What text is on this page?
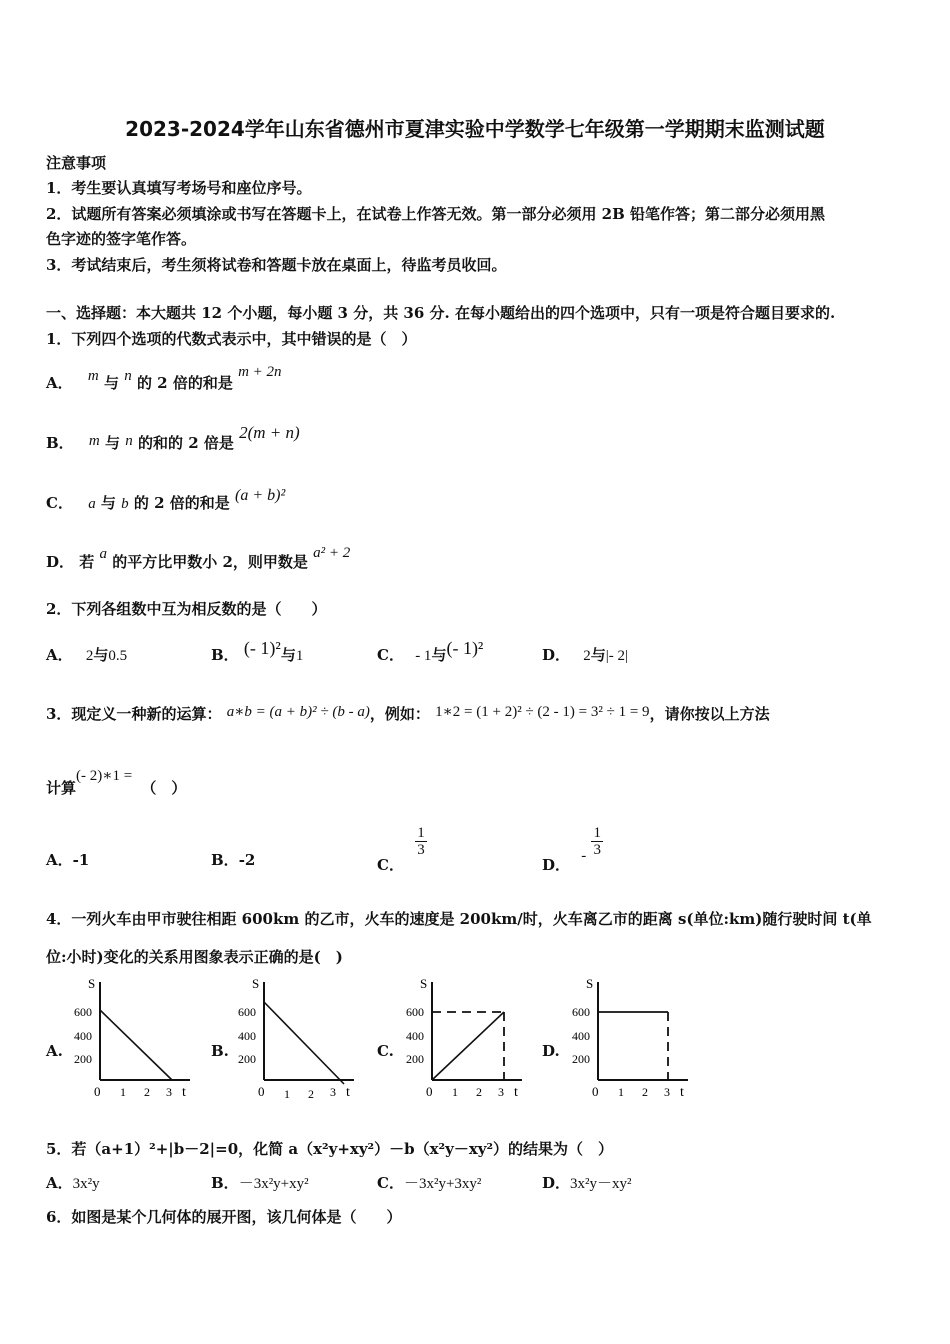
2023-2024学年山东省德州市夏津实验中学数学七年级第一学期期末监测试题
注意事项
1．考生要认真填写考场号和座位序号。
2．试题所有答案必须填涂或书写在答题卡上，在试卷上作答无效。第一部分必须用 2B 铅笔作答；第二部分必须用黑
色字迹的签字笔作答。
3．考试结束后，考生须将试卷和答题卡放在桌面上，待监考员收回。
一、选择题：本大题共 12 个小题，每小题 3 分，共 36 分. 在每小题给出的四个选项中，只有一项是符合题目要求的.
1．下列四个选项的代数式表示中，其中错误的是（　）
A． m 与 n 的 2 倍的和是 m + 2n
B． m 与 n 的和的 2 倍是 2(m + n)
C． a 与 b 的 2 倍的和是 (a + b)²
D． 若 a 的平方比甲数小 2，则甲数是 a² + 2
2．下列各组数中互为相反数的是（　　）
A． 2与0.5	B． (- 1)²与1	C． - 1与(- 1)²	D． 2与|- 2|
3．现定义一种新的运算： a∗b = (a + b)² ÷ (b - a)，例如： 1∗2 = (1 + 2)² ÷ (2 - 1) = 3² ÷ 1 = 9，请你按以上方法
计算(- 2)∗1 = （　）
A．-1	B．-2	C．
$\frac{1}{3}$
D． - $\frac{1}{3}$
4．一列火车由甲市驶往相距 600km 的乙市，火车的速度是 200km/时，火车离乙市的距离 s(单位:km)随行驶时间 t(单
位:小时)变化的关系用图象表示正确的是(　)
A.
S
600
400
200
0 1 2 3 t
B.
S
600
400
200
0 1 2 3 t
C.
S
600
400
200
0 1 2 3 t
D.
S
600
400
200
0 1 2 3 t
5．若（a+1）²+|b－2|=0，化简 a（x²y+xy²）－b（x²y－xy²）的结果为（　）
A．3x²y	B．－3x²y+xy²	C．－3x²y+3xy²	D．3x²y－xy²
6．如图是某个几何体的展开图，该几何体是（　　）
